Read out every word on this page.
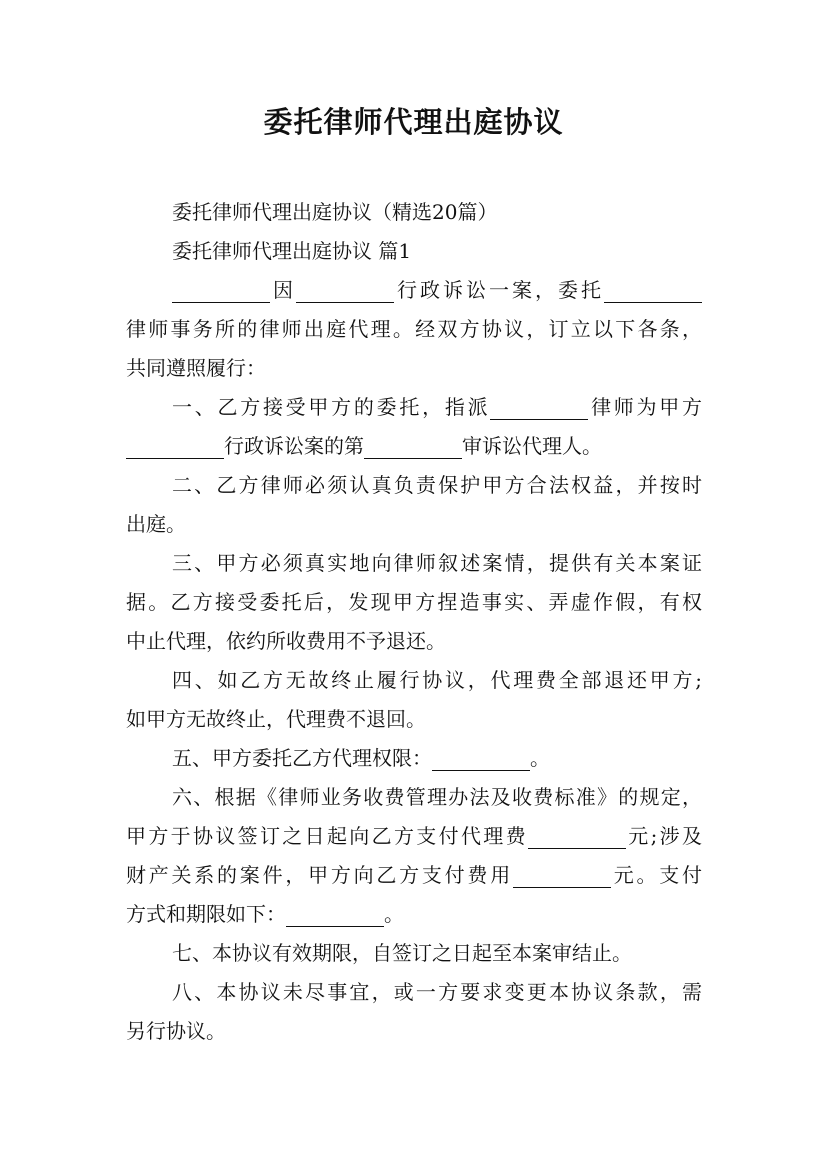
委托律师代理出庭协议
委托律师代理出庭协议（精选20篇）
委托律师代理出庭协议 篇1
因	行政诉讼一案，委托
律师事务所的律师出庭代理。经双方协议，订立以下各条，
共同遵照履行：
一、乙方接受甲方的委托，指派	律师为甲方
行政诉讼案的第	审诉讼代理人。
二、乙方律师必须认真负责保护甲方合法权益，并按时
出庭。
三、甲方必须真实地向律师叙述案情，提供有关本案证
据。乙方接受委托后，发现甲方捏造事实、弄虚作假，有权
中止代理，依约所收费用不予退还。
四、如乙方无故终止履行协议，代理费全部退还甲方;
如甲方无故终止，代理费不退回。
五、甲方委托乙方代理权限：	。
六、根据《律师业务收费管理办法及收费标准》的规定，
甲方于协议签订之日起向乙方支付代理费	元;涉及
财产关系的案件，甲方向乙方支付费用	元。支付
方式和期限如下：	。
七、本协议有效期限，自签订之日起至本案审结止。
八、本协议未尽事宜，或一方要求变更本协议条款，需
另行协议。
